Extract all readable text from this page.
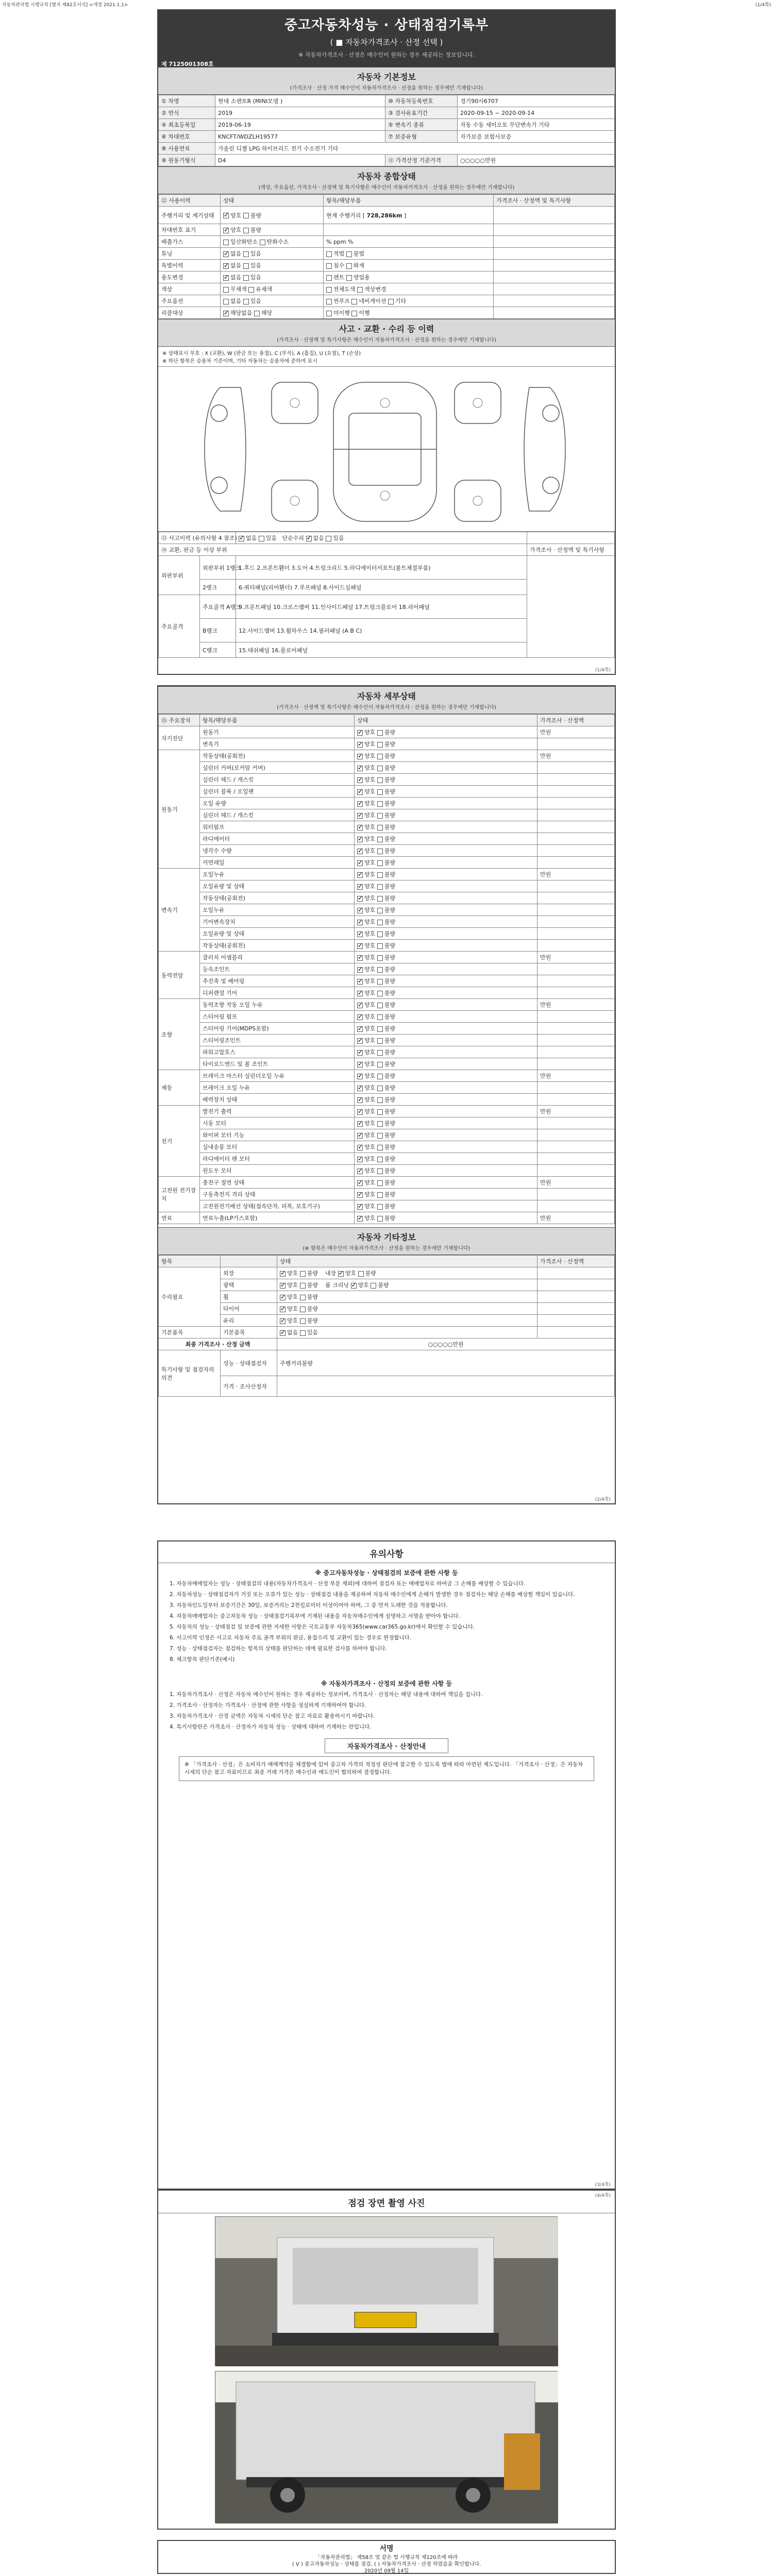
자동차관리법 시행규칙 [별지 제82호서식] <개정 2021.1.1>	(1/4쪽)
중고자동차성능 · 상태점검기록부
( ■ 자동차가격조사 · 산정 선택 )
※ 자동차가격조사 · 산정은 매수인이 원하는 경우 제공하는 정보입니다.
제 7125001308호
자동차 기본정보
(가격조사 · 산정 가격 매수인이 자동차가격조사 · 산정을 원하는 경우에만 기재합니다)
① 차명	현대 소렌토R (MINI모델 )	⑩ 자동차등록번호	경기90사6707
② 연식	2019	③ 검사유효기간	2020-09-15 ~ 2020-09-14
④ 최초등록일	2019-06-19	⑤ 변속기 종류	자동 수동 세미오토 무단변속기 기타
⑥ 차대번호	KNCFT/WDZLH19577	⑦ 보증유형	자가보증 보험사보증
⑧ 사용연료	가솔린 디젤 LPG 하이브리드 전기 수소전기 기타		
⑨ 원동기형식	D4	⑪ 가격산정 기준가격	○○○○○만원
자동차 종합상태
(색상, 주요옵션, 가격조사 · 산정액 및 특기사항은 매수인이 자동차가격조사 · 산정을 원하는 경우에만 기재합니다)
⑫ 사용이력	상태	항목/해당부품	가격조사 · 산정액 및 특기사항
주행거리 및 계기상태	✓양호 불량	현재 주행거리 [ 728,286km ]	
차대번호 표기	✓양호 불량		
배출가스	일산화탄소 탄화수소	% ppm %	
튜닝	✓없음 있음	적법 불법	
특별이력	✓없음 있음	침수 화재	
용도변경	✓없음 있음	렌트 영업용	
색상	무채색 유채색	전체도색 색상변경	
주요옵션	없음 있음	썬루프 네비게이션 기타	
리콜대상	✓해당없음 해당	미이행 이행	
사고 · 교환 · 수리 등 이력
(가격조사 · 산정액 및 특기사항은 매수인이 자동차가격조사 · 산정을 원하는 경우에만 기재합니다)
※ 상태표시 부호 : X (교환), W (판금 또는 용접), C (부식), A (흠집), U (요철), T (손상)
※ 하단 항목은 승용차 기준이며, 기타 자동차는 승용차에 준하여 표시
⑬ 사고이력 (유의사항 4 참조)	✓없음 있음   단순수리 ✓ 없음 있음	
⑭ 교환, 판금 등 이상 부위			가격조사 · 산정액 및 특기사항
외판부위	외판부위 1랭크	1.후드 2.프론트휀더 3.도어 4.트렁크리드 5.라디에이터서포트(볼트체결부품)	
	2랭크	6.쿼터패널(리어휀더) 7.루프패널 8.사이드실패널	
주요골격	주요골격 A랭크	9.프론트패널 10.크로스멤버 11.인사이드패널 17.트렁크플로어 18.리어패널	
	B랭크	12.사이드멤버 13.휠하우스 14.필러패널 (A B C)	
	C랭크	15.대쉬패널 16.플로어패널	
(1/4쪽)
자동차 세부상태
(가격조사 · 산정액 및 특기사항은 매수인이 자동차가격조사 · 산정을 원하는 경우에만 기재합니다)
⑮ 주요장치	항목/해당부품	상태	가격조사 · 산정액
자기진단	원동기	✓양호 불량	만원
	변속기	✓양호 불량	
원동기	작동상태(공회전)	✓양호 불량	만원
	실린더 커버(로커암 커버)	✓양호 불량	
	실린더 헤드 / 개스킷	✓양호 불량	
	실린더 블록 / 오일팬	✓양호 불량	
	오일 유량	✓양호 불량	
	실린더 헤드 / 개스킷	✓양호 불량	
	워터펌프	✓양호 불량	
	라디에이터	✓양호 불량	
	냉각수 수량	✓양호 불량	
	커먼레일	✓양호 불량	
변속기	오일누유	✓양호 불량	만원
	오일유량 및 상태	✓양호 불량	
	작동상태(공회전)	✓양호 불량	
	오일누유	✓양호 불량	
	기어변속장치	✓양호 불량	
	오일유량 및 상태	✓양호 불량	
	작동상태(공회전)	✓양호 불량	
동력전달	클러치 어셈블리	✓양호 불량	만원
	등속조인트	✓양호 불량	
	추진축 및 베어링	✓양호 불량	
	디퍼렌셜 기어	✓양호 불량	
조향	동력조향 작동 오일 누유	✓양호 불량	만원
	스티어링 펌프	✓양호 불량	
	스티어링 기어(MDPS포함)	✓양호 불량	
	스티어링조인트	✓양호 불량	
	파워고압호스	✓양호 불량	
	타이로드엔드 및 볼 조인트	✓양호 불량	
제동	브레이크 마스터 실린더오일 누유	✓양호 불량	만원
	브레이크 오일 누유	✓양호 불량	
	배력장치 상태	✓양호 불량	
전기	발전기 출력	✓양호 불량	만원
	시동 모터	✓양호 불량	
	와이퍼 모터 기능	✓양호 불량	
	실내송풍 모터	✓양호 불량	
	라디에이터 팬 모터	✓양호 불량	
	윈도우 모터	✓양호 불량	
고전원 전기장치	충전구 절연 상태	✓양호 불량	만원
	구동축전지 격리 상태	✓양호 불량	
	고전원전기배선 상태(접속단자, 피복, 보호기구)	✓양호 불량	
연료	연료누출(LP가스포함)	✓양호 불량	만원
자동차 기타정보
(※ 항목은 매수인이 자동차가격조사 · 산정을 원하는 경우에만 기재합니다)
항목		상태	가격조사 · 산정액
수리필요	외장	✓양호 불량    내장 ✓ 양호 불량	
	광택	✓양호 불량    룸 크리닝 ✓ 양호 불량	
	휠	✓양호 불량	
	타이어	✓양호 불량	
	유리	✓양호 불량	
기본품목	기본품목	✓없음 있음	
최종 가격조사 · 산정 금액		○○○○○만원	
특기사항 및 점검자의 의견	성능 · 상태점검자	주행거리불량	
	가격 · 조사산정자		
(2/4쪽)
유의사항
※ 중고자동차성능 · 상태점검의 보증에 관한 사항 등
1. 자동차매매업자는 성능 · 상태점검의 내용(자동차가격조사 · 산정 부분 제외)에 대하여 점검자 또는 매매업자로 하여금 그 손해를 배상할 수 있습니다.
2. 자동차성능 · 상태점검자가 거짓 또는 오류가 있는 성능 · 상태점검 내용을 제공하여 자동차 매수인에게 손해가 발생한 경우 점검자는 해당 손해를 배상할 책임이 있습니다.
3. 자동차인도일부터 보증기간은 30일, 보증거리는 2천킬로미터 이상이어야 하며, 그 중 먼저 도래한 것을 적용합니다.
4. 자동차매매업자는 중고자동차 성능 · 상태점검기록부에 기재된 내용을 자동차매수인에게 설명하고 서명을 받아야 합니다.
5. 자동차의 성능 · 상태점검 및 보증에 관한 자세한 사항은 국토교통부 자동차365(www.car365.go.kr)에서 확인할 수 있습니다.
6. 사고이력 인정은 사고로 자동차 주요 골격 부위의 판금, 용접수리 및 교환이 있는 경우로 한정합니다.
7. 성능 · 상태점검자는 점검하는 항목의 상태를 판단하는 데에 필요한 검사를 하여야 합니다.
8. 체크항목 판단기준(예시)
※ 자동차가격조사 · 산정의 보증에 관한 사항 등
1. 자동차가격조사 · 산정은 자동차 매수인이 원하는 경우 제공하는 정보이며, 가격조사 · 산정자는 해당 내용에 대하여 책임을 집니다.
2. 가격조사 · 산정자는 가격조사 · 산정에 관한 사항을 성실하게 기재하여야 합니다.
3. 자동차가격조사 · 산정 금액은 자동차 시세의 단순 참고 자료로 활용하시기 바랍니다.
4. 특기사항란은 가격조사 · 산정자가 자동차 성능 · 상태에 대하여 기재하는 란입니다.
자동차가격조사 · 산정안내
※ 「가격조사 · 산정」은 소비자가 매매계약을 체결함에 있어 중고차 가격의 적정성 판단에 참고할 수 있도록 법에 따라 마련된 제도입니다. 「가격조사 · 산정」은 자동차 시세의 단순 참고 자료이므로 최종 거래 가격은 매수인과 매도인이 협의하여 결정합니다.
(3/4쪽)
점검 장면 촬영 사진
(4/4쪽)
서명
「자동차관리법」 제58조 및 같은 법 시행규칙 제120조에 따라
( V ) 중고자동차성능 · 상태를 점검, ( ) 자동차가격조사 · 산정 하였음을 확인합니다.
2020년 09월 14일
